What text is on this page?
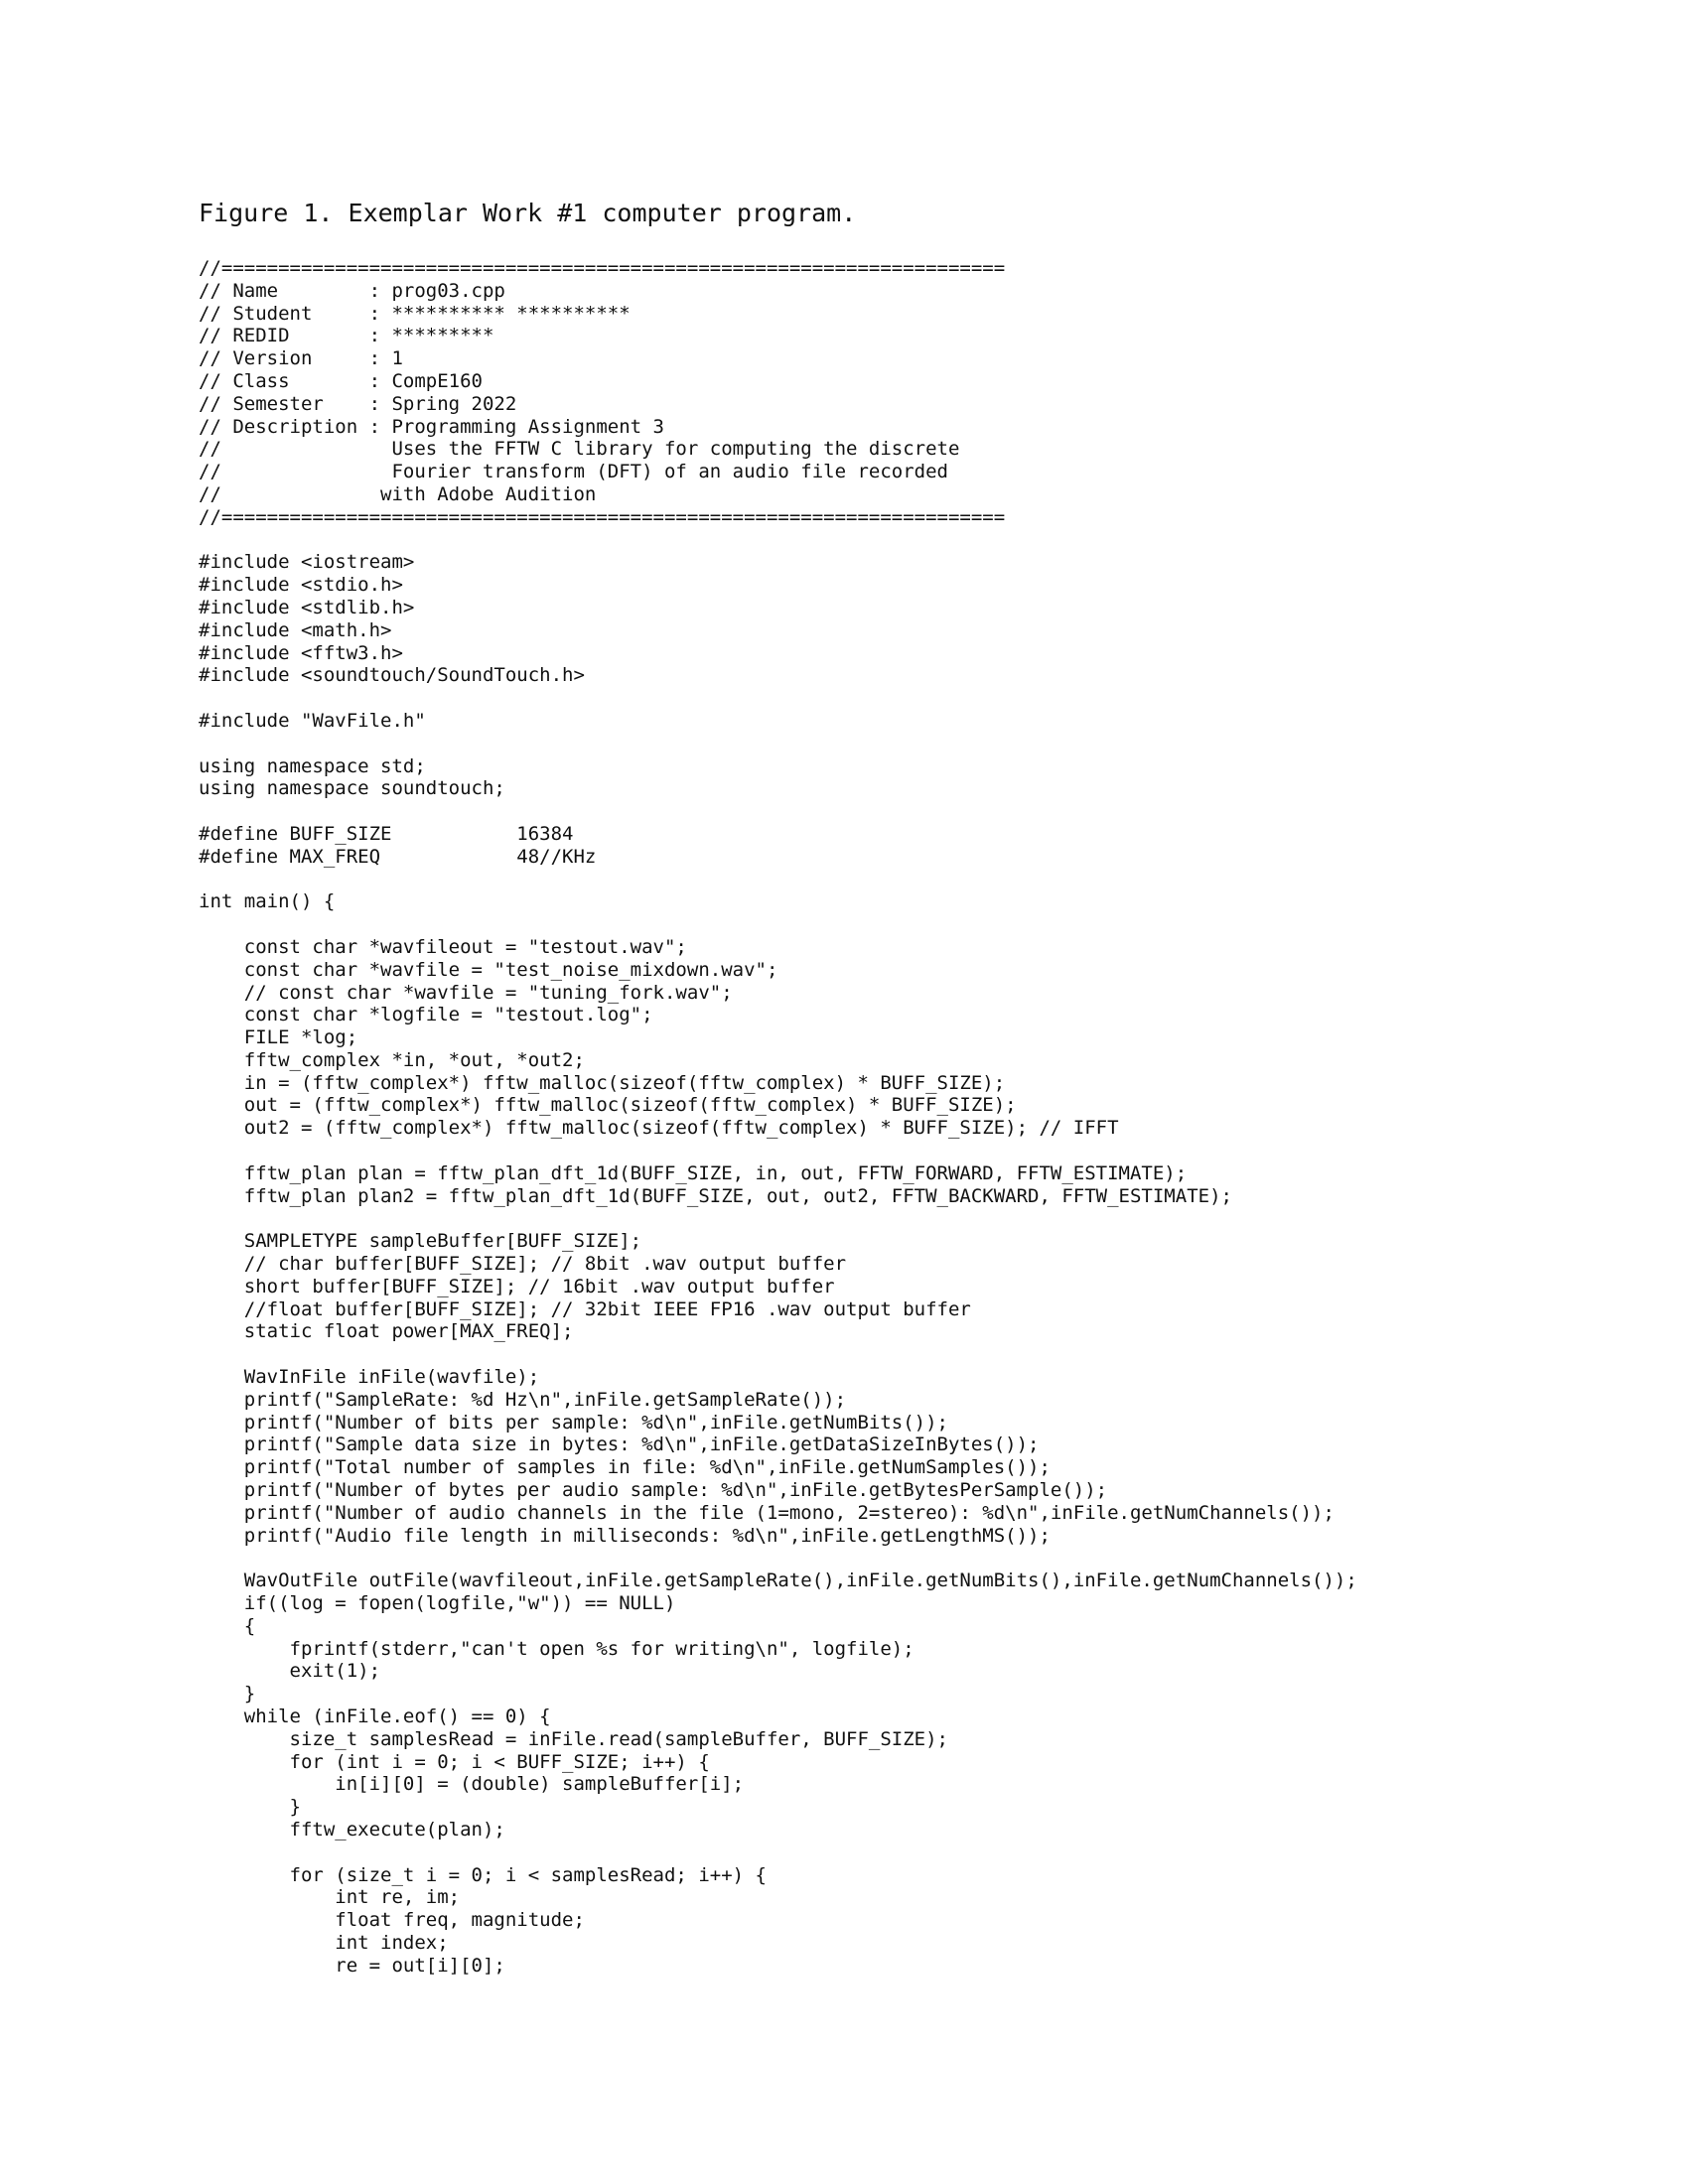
Figure 1. Exemplar Work #1 computer program.
//=====================================================================
// Name        : prog03.cpp
// Student     : ********** **********
// REDID       : *********
// Version     : 1
// Class       : CompE160
// Semester    : Spring 2022
// Description : Programming Assignment 3
//               Uses the FFTW C library for computing the discrete
//               Fourier transform (DFT) of an audio file recorded
//              with Adobe Audition
//=====================================================================
#include <iostream>
#include <stdio.h>
#include <stdlib.h>
#include <math.h>
#include <fftw3.h>
#include <soundtouch/SoundTouch.h>
#include "WavFile.h"
using namespace std;
using namespace soundtouch;
#define BUFF_SIZE           16384
#define MAX_FREQ            48//KHz
int main() {
const char *wavfileout = "testout.wav";
const char *wavfile = "test_noise_mixdown.wav";
// const char *wavfile = "tuning_fork.wav";
const char *logfile = "testout.log";
FILE *log;
fftw_complex *in, *out, *out2;
in = (fftw_complex*) fftw_malloc(sizeof(fftw_complex) * BUFF_SIZE);
out = (fftw_complex*) fftw_malloc(sizeof(fftw_complex) * BUFF_SIZE);
out2 = (fftw_complex*) fftw_malloc(sizeof(fftw_complex) * BUFF_SIZE); // IFFT
fftw_plan plan = fftw_plan_dft_1d(BUFF_SIZE, in, out, FFTW_FORWARD, FFTW_ESTIMATE);
fftw_plan plan2 = fftw_plan_dft_1d(BUFF_SIZE, out, out2, FFTW_BACKWARD, FFTW_ESTIMATE);
SAMPLETYPE sampleBuffer[BUFF_SIZE];
// char buffer[BUFF_SIZE]; // 8bit .wav output buffer
short buffer[BUFF_SIZE]; // 16bit .wav output buffer
//float buffer[BUFF_SIZE]; // 32bit IEEE FP16 .wav output buffer
static float power[MAX_FREQ];
WavInFile inFile(wavfile);
printf("SampleRate: %d Hz\n",inFile.getSampleRate());
printf("Number of bits per sample: %d\n",inFile.getNumBits());
printf("Sample data size in bytes: %d\n",inFile.getDataSizeInBytes());
printf("Total number of samples in file: %d\n",inFile.getNumSamples());
printf("Number of bytes per audio sample: %d\n",inFile.getBytesPerSample());
printf("Number of audio channels in the file (1=mono, 2=stereo): %d\n",inFile.getNumChannels());
printf("Audio file length in milliseconds: %d\n",inFile.getLengthMS());
WavOutFile outFile(wavfileout,inFile.getSampleRate(),inFile.getNumBits(),inFile.getNumChannels());
if((log = fopen(logfile,"w")) == NULL)
{
fprintf(stderr,"can't open %s for writing\n", logfile);
exit(1);
}
while (inFile.eof() == 0) {
size_t samplesRead = inFile.read(sampleBuffer, BUFF_SIZE);
for (int i = 0; i < BUFF_SIZE; i++) {
in[i][0] = (double) sampleBuffer[i];
}
fftw_execute(plan);
for (size_t i = 0; i < samplesRead; i++) {
int re, im;
float freq, magnitude;
int index;
re = out[i][0];
